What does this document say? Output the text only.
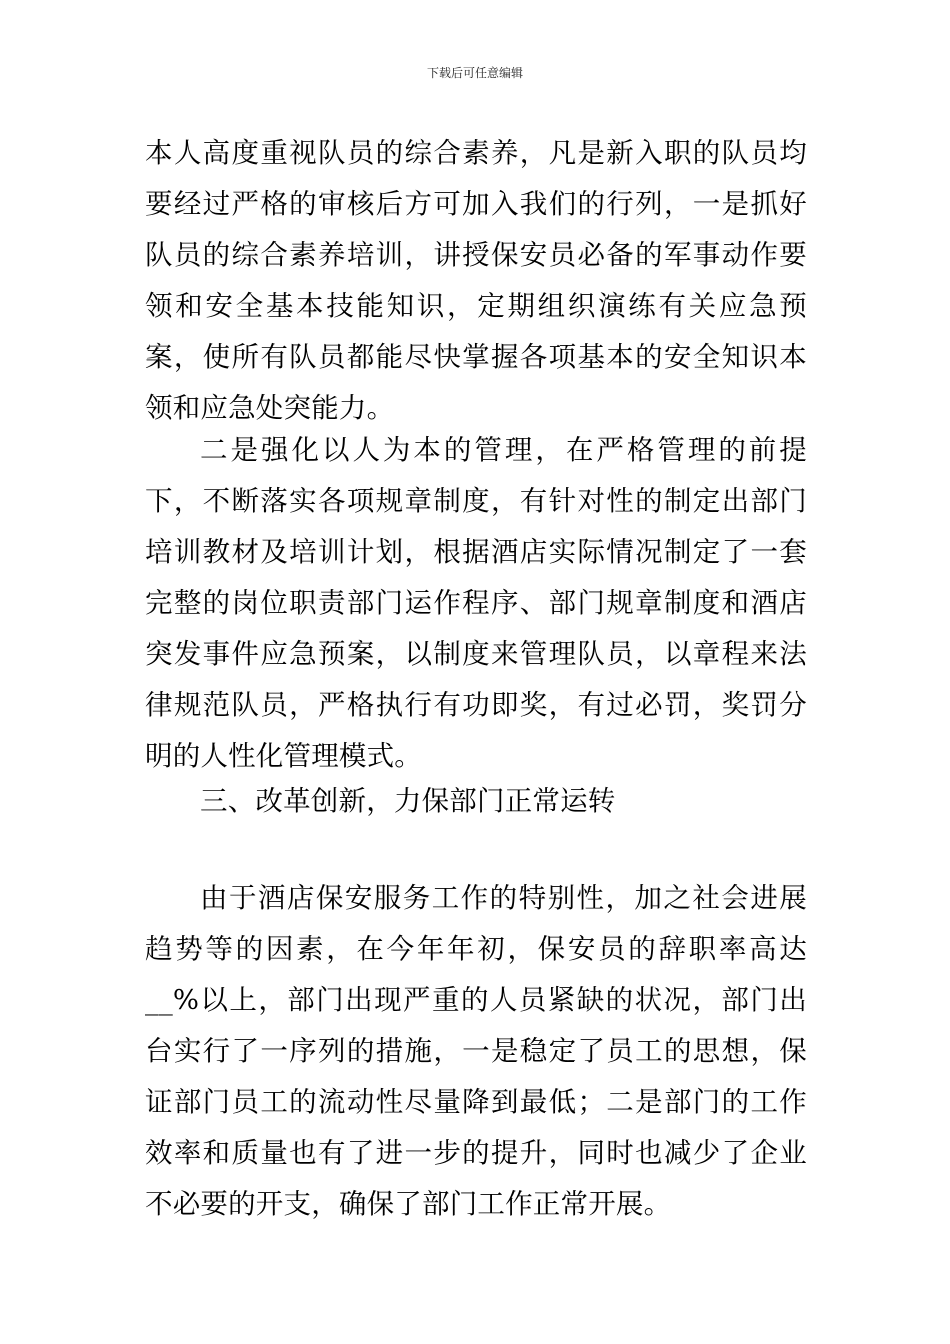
下载后可任意编辑

本人高度重视队员的综合素养，凡是新入职的队员均要经过严格的审核后方可加入我们的行列，一是抓好队员的综合素养培训，讲授保安员必备的军事动作要领和安全基本技能知识，定期组织演练有关应急预案，使所有队员都能尽快掌握各项基本的安全知识本领和应急处突能力。

二是强化以人为本的管理，在严格管理的前提下，不断落实各项规章制度，有针对性的制定出部门培训教材及培训计划，根据酒店实际情况制定了一套完整的岗位职责部门运作程序、部门规章制度和酒店突发事件应急预案，以制度来管理队员，以章程来法律规范队员，严格执行有功即奖，有过必罚，奖罚分明的人性化管理模式。

三、改革创新，力保部门正常运转

由于酒店保安服务工作的特别性，加之社会进展趋势等的因素，在今年年初，保安员的辞职率高达__%以上，部门出现严重的人员紧缺的状况，部门出台实行了一序列的措施，一是稳定了员工的思想，保证部门员工的流动性尽量降到最低；二是部门的工作效率和质量也有了进一步的提升，同时也减少了企业不必要的开支，确保了部门工作正常开展。
